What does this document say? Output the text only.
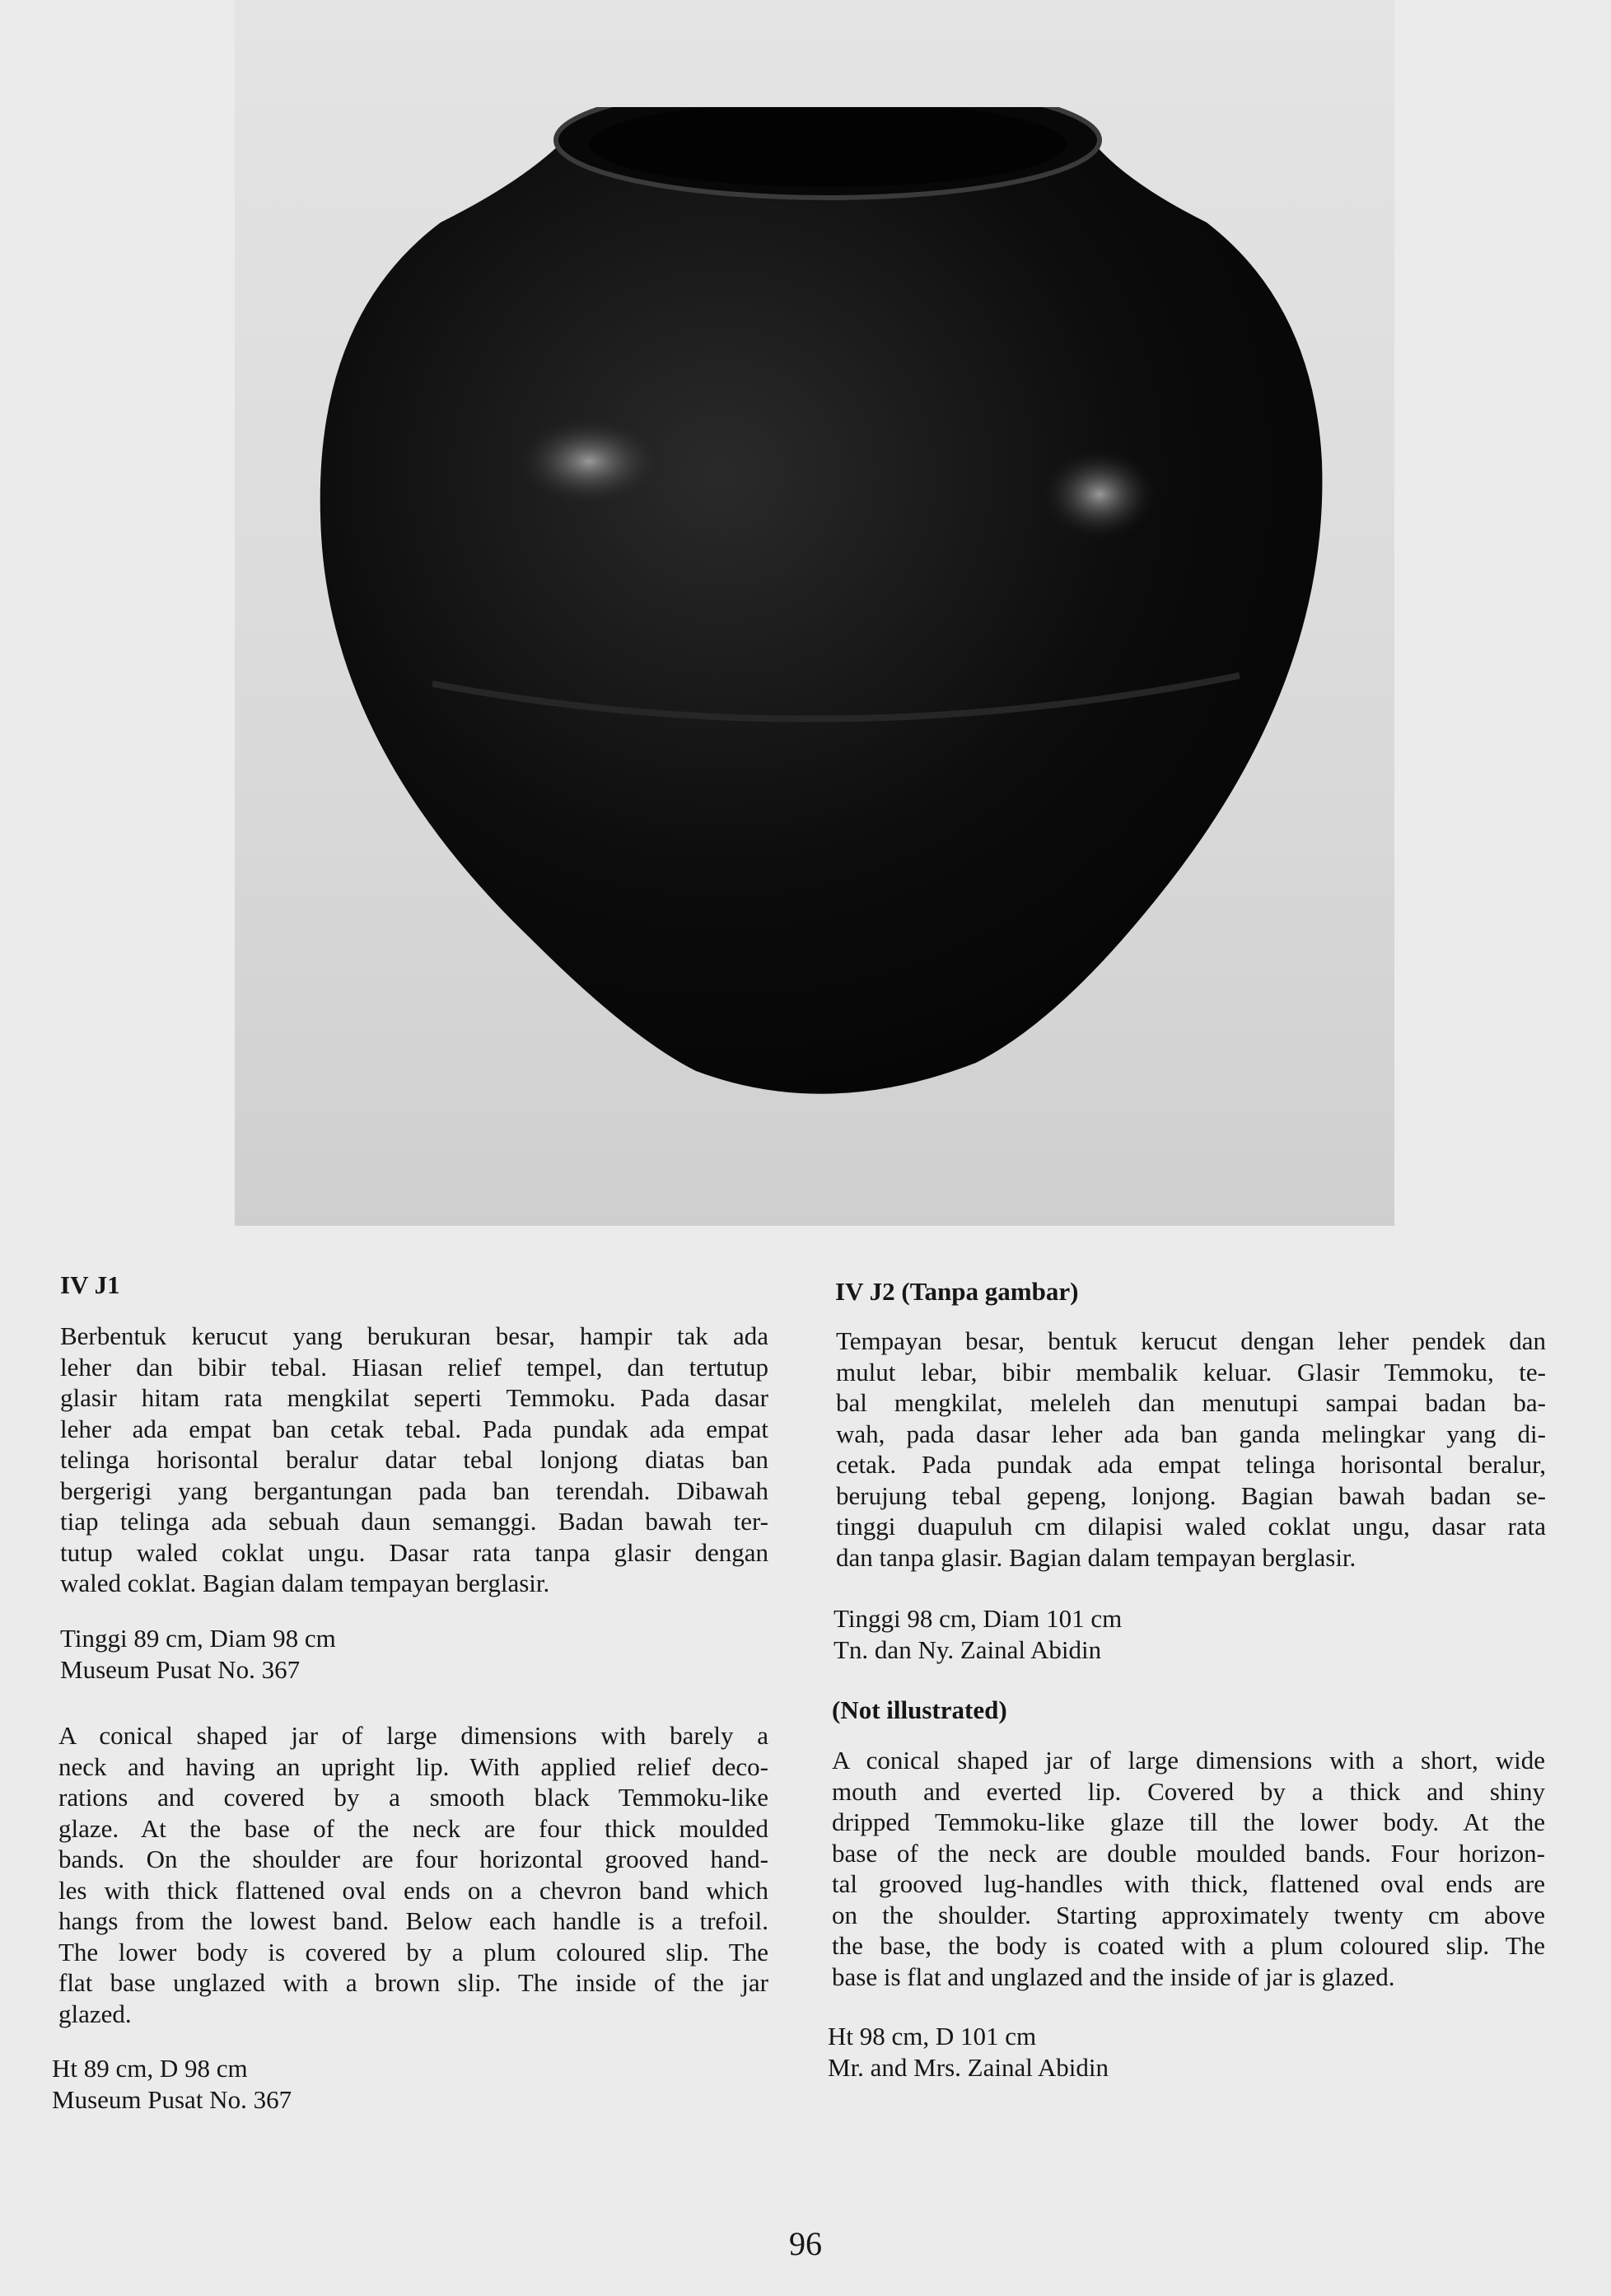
IV J1
Berbentuk kerucut yang berukuran besar, hampir tak ada
leher dan bibir tebal. Hiasan relief tempel, dan tertutup
glasir hitam rata mengkilat seperti Temmoku. Pada dasar
leher ada empat ban cetak tebal. Pada pundak ada empat
telinga horisontal beralur datar tebal lonjong diatas ban
bergerigi yang bergantungan pada ban terendah. Dibawah
tiap telinga ada sebuah daun semanggi. Badan bawah ter-
tutup waled coklat ungu. Dasar rata tanpa glasir dengan
waled coklat. Bagian dalam tempayan berglasir.
Tinggi 89 cm, Diam 98 cm
Museum Pusat No. 367
A conical shaped jar of large dimensions with barely a
neck and having an upright lip. With applied relief deco-
rations and covered by a smooth black Temmoku-like
glaze. At the base of the neck are four thick moulded
bands. On the shoulder are four horizontal grooved hand-
les with thick flattened oval ends on a chevron band which
hangs from the lowest band. Below each handle is a trefoil.
The lower body is covered by a plum coloured slip. The
flat base unglazed with a brown slip. The inside of the jar
glazed.
Ht 89 cm, D 98 cm
Museum Pusat No. 367
IV J2 (Tanpa gambar)
Tempayan besar, bentuk kerucut dengan leher pendek dan
mulut lebar, bibir membalik keluar. Glasir Temmoku, te-
bal mengkilat, meleleh dan menutupi sampai badan ba-
wah, pada dasar leher ada ban ganda melingkar yang di-
cetak. Pada pundak ada empat telinga horisontal beralur,
berujung tebal gepeng, lonjong. Bagian bawah badan se-
tinggi duapuluh cm dilapisi waled coklat ungu, dasar rata
dan tanpa glasir. Bagian dalam tempayan berglasir.
Tinggi 98 cm, Diam 101 cm
Tn. dan Ny. Zainal Abidin
(Not illustrated)
A conical shaped jar of large dimensions with a short, wide
mouth and everted lip. Covered by a thick and shiny
dripped Temmoku-like glaze till the lower body. At the
base of the neck are double moulded bands. Four horizon-
tal grooved lug-handles with thick, flattened oval ends are
on the shoulder. Starting approximately twenty cm above
the base, the body is coated with a plum coloured slip. The
base is flat and unglazed and the inside of jar is glazed.
Ht 98 cm, D 101 cm
Mr. and Mrs. Zainal Abidin
96
